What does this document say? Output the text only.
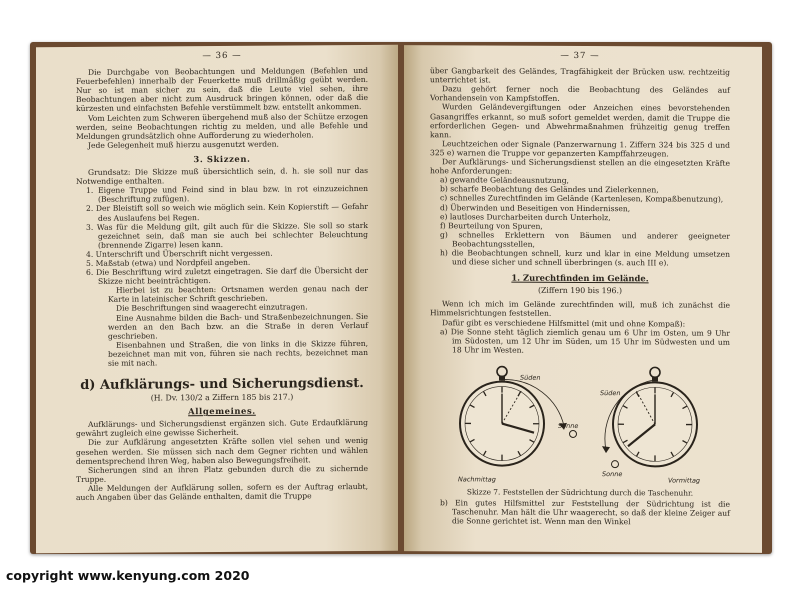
— 36 —

Die Durchgabe von Beobachtungen und Meldungen (Befehlen und Feuerbefehlen) innerhalb der Feuerkette muß drillmäßig geübt werden. Nur so ist man sicher zu sein, daß die Leute viel sehen, ihre Beobachtungen aber nicht zum Ausdruck bringen können, oder daß die kürzesten und einfachsten Befehle verstümmelt bzw. entstellt ankommen.

Vom Leichten zum Schweren übergehend muß also der Schütze erzogen werden, seine Beobachtungen richtig zu melden, und alle Befehle und Meldungen grundsätzlich ohne Aufforderung zu wiederholen.

Jede Gelegenheit muß hierzu ausgenutzt werden.

3. Skizzen.

Grundsatz: Die Skizze muß übersichtlich sein, d. h. sie soll nur das Notwendige enthalten.

1. Eigene Truppe und Feind sind in blau bzw. in rot einzuzeichnen (Beschriftung zufügen).

2. Der Bleistift soll so weich wie möglich sein. Kein Kopierstift — Gefahr des Auslaufens bei Regen.

3. Was für die Meldung gilt, gilt auch für die Skizze. Sie soll so stark gezeichnet sein, daß man sie auch bei schlechter Beleuchtung (brennende Zigarre) lesen kann.

4. Unterschrift und Überschrift nicht vergessen.

5. Maßstab (etwa) und Nordpfeil angeben.

6. Die Beschriftung wird zuletzt eingetragen. Sie darf die Übersicht der Skizze nicht beeinträchtigen.

Hierbei ist zu beachten: Ortsnamen werden genau nach der Karte in lateinischer Schrift geschrieben.

Die Beschriftungen sind waagerecht einzutragen.

Eine Ausnahme bilden die Bach- und Straßenbezeichnungen. Sie werden an den Bach bzw. an die Straße in deren Verlauf geschrieben.

Eisenbahnen und Straßen, die von links in die Skizze führen, bezeichnet man mit von, führen sie nach rechts, bezeichnet man sie mit nach.

d) Aufklärungs- und Sicherungsdienst.
(H. Dv. 130/2 a Ziffern 185 bis 217.)
Allgemeines.

Aufklärungs- und Sicherungsdienst ergänzen sich. Gute Erdaufklärung gewährt zugleich eine gewisse Sicherheit.

Die zur Aufklärung angesetzten Kräfte sollen viel sehen und wenig gesehen werden. Sie müssen sich nach dem Gegner richten und wählen dementsprechend ihren Weg, haben also Bewegungsfreiheit.

Sicherungen sind an ihren Platz gebunden durch die zu sichernde Truppe.

Alle Meldungen der Aufklärung sollen, sofern es der Auftrag erlaubt, auch Angaben über das Gelände enthalten, damit die Truppe

— 37 —

über Gangbarkeit des Geländes, Tragfähigkeit der Brücken usw. rechtzeitig unterrichtet ist.

Dazu gehört ferner noch die Beobachtung des Geländes auf Vorhandensein von Kampfstoffen.

Wurden Geländevergiftungen oder Anzeichen eines bevorstehenden Gasangriffes erkannt, so muß sofort gemeldet werden, damit die Truppe die erforderlichen Gegen- und Abwehrmaßnahmen frühzeitig genug treffen kann.

Leuchtzeichen oder Signale (Panzerwarnung 1. Ziffern 324 bis 325 d und 325 e) warnen die Truppe vor gepanzerten Kampffahrzeugen.

Der Aufklärungs- und Sicherungsdienst stellen an die eingesetzten Kräfte hohe Anforderungen:

a) gewandte Geländeausnutzung,

b) scharfe Beobachtung des Geländes und Zielerkennen,

c) schnelles Zurechtfinden im Gelände (Kartenlesen, Kompaßbenutzung),

d) Überwinden und Beseitigen von Hindernissen,

e) lautloses Durcharbeiten durch Unterholz,

f) Beurteilung von Spuren,

g) schnelles Erklettern von Bäumen und anderer geeigneter Beobachtungsstellen,

h) die Beobachtungen schnell, kurz und klar in eine Meldung umsetzen und diese sicher und schnell überbringen (s. auch III e).

1. Zurechtfinden im Gelände.
(Ziffern 190 bis 196.)

Wenn ich mich im Gelände zurechtfinden will, muß ich zunächst die Himmelsrichtungen feststellen.

Dafür gibt es verschiedene Hilfsmittel (mit und ohne Kompaß):

a) Die Sonne steht täglich ziemlich genau um 6 Uhr im Osten, um 9 Uhr im Südosten, um 12 Uhr im Süden, um 15 Uhr im Südwesten und um 18 Uhr im Westen.

Süden
Süden
Sonne
Sonne
Nachmittag	Vormittag
Skizze 7. Feststellen der Südrichtung durch die Taschenuhr.

b) Ein gutes Hilfsmittel zur Feststellung der Südrichtung ist die Taschenuhr. Man hält die Uhr waagerecht, so daß der kleine Zeiger auf die Sonne gerichtet ist. Wenn man den Winkel

copyright www.kenyung.com 2020
